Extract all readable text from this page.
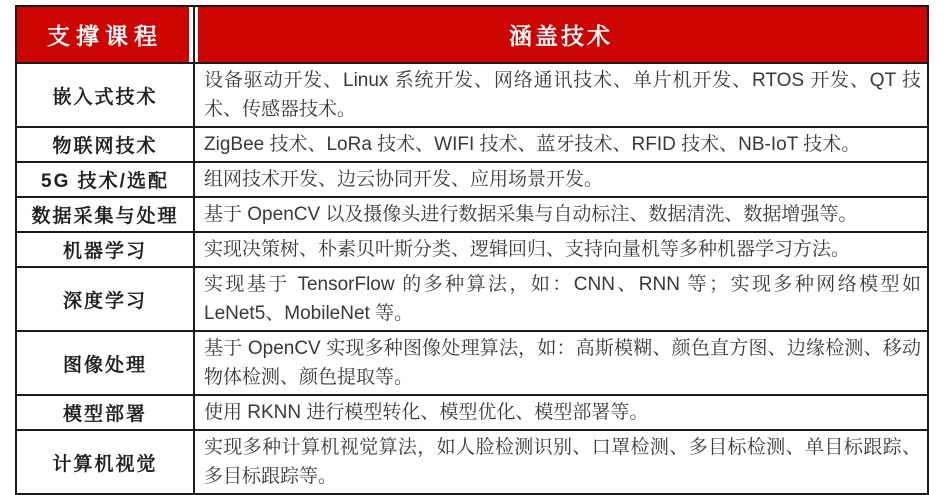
支撑课程	涵盖技术
嵌入式技术	设备驱动开发、Linux 系统开发、网络通讯技术、单片机开发、RTOS 开发、QT 技术、传感器技术。
物联网技术	ZigBee 技术、LoRa 技术、WIFI 技术、蓝牙技术、RFID 技术、NB-IoT 技术。
5G 技术/选配	组网技术开发、边云协同开发、应用场景开发。
数据采集与处理	基于 OpenCV 以及摄像头进行数据采集与自动标注、数据清洗、数据增强等。
机器学习	实现决策树、朴素贝叶斯分类、逻辑回归、支持向量机等多种机器学习方法。
深度学习	实现基于 TensorFlow 的多种算法，如：CNN、RNN 等；实现多种网络模型如 LeNet5、MobileNet 等。
图像处理	基于 OpenCV 实现多种图像处理算法，如：高斯模糊、颜色直方图、边缘检测、移动物体检测、颜色提取等。
模型部署	使用 RKNN 进行模型转化、模型优化、模型部署等。
计算机视觉	实现多种计算机视觉算法，如人脸检测识别、口罩检测、多目标检测、单目标跟踪、多目标跟踪等。
